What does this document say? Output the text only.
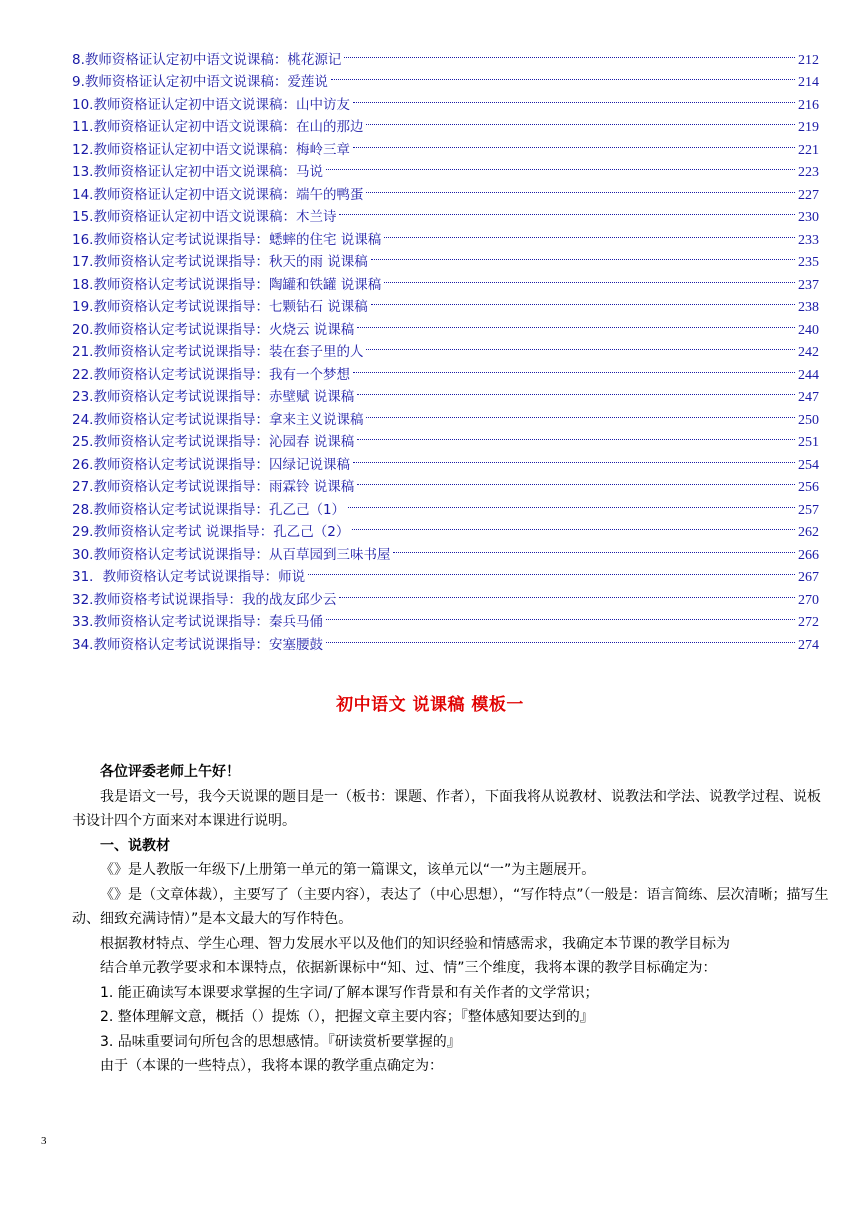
8.教师资格证认定初中语文说课稿：桃花源记	212
9.教师资格证认定初中语文说课稿：爱莲说	214
10.教师资格证认定初中语文说课稿：山中访友	216
11.教师资格证认定初中语文说课稿：在山的那边	219
12.教师资格证认定初中语文说课稿：梅岭三章	221
13.教师资格证认定初中语文说课稿：马说	223
14.教师资格证认定初中语文说课稿：端午的鸭蛋	227
15.教师资格证认定初中语文说课稿：木兰诗	230
16.教师资格认定考试说课指导：蟋蟀的住宅 说课稿	233
17.教师资格认定考试说课指导：秋天的雨 说课稿	235
18.教师资格认定考试说课指导：陶罐和铁罐 说课稿	237
19.教师资格认定考试说课指导：七颗钻石 说课稿	238
20.教师资格认定考试说课指导：火烧云 说课稿	240
21.教师资格认定考试说课指导：装在套子里的人	242
22.教师资格认定考试说课指导：我有一个梦想	244
23.教师资格认定考试说课指导：赤壁赋 说课稿	247
24.教师资格认定考试说课指导：拿来主义说课稿	250
25.教师资格认定考试说课指导：沁园春 说课稿	251
26.教师资格认定考试说课指导：囚绿记说课稿	254
27.教师资格认定考试说课指导：雨霖铃 说课稿	256
28.教师资格认定考试说课指导：孔乙己（1）	257
29.教师资格认定考试 说课指导：孔乙己（2）	262
30.教师资格认定考试说课指导：从百草园到三味书屋	266
31．教师资格认定考试说课指导：师说	267
32.教师资格考试说课指导：我的战友邱少云	270
33.教师资格认定考试说课指导：秦兵马俑	272
34.教师资格认定考试说课指导：安塞腰鼓	274
初中语文 说课稿 模板一

各位评委老师上午好！

我是语文一号，我今天说课的题目是一（板书：课题、作者），下面我将从说教材、说教法和学法、说教学过程、说板书设计四个方面来对本课进行说明。

一、说教材

《》是人教版一年级下/上册第一单元的第一篇课文，该单元以“一”为主题展开。

《》是（文章体裁），主要写了（主要内容），表达了（中心思想），“写作特点”（一般是：语言简练、层次清晰；描写生动、细致充满诗情）”是本文最大的写作特色。

根据教材特点、学生心理、智力发展水平以及他们的知识经验和情感需求，我确定本节课的教学目标为

结合单元教学要求和本课特点，依据新课标中“知、过、情”三个维度，我将本课的教学目标确定为：

1. 能正确读写本课要求掌握的生字词/了解本课写作背景和有关作者的文学常识；

2. 整体理解文意，概括（）提炼（），把握文章主要内容；『整体感知要达到的』

3. 品味重要词句所包含的思想感情。『研读赏析要掌握的』

由于（本课的一些特点），我将本课的教学重点确定为：

3
